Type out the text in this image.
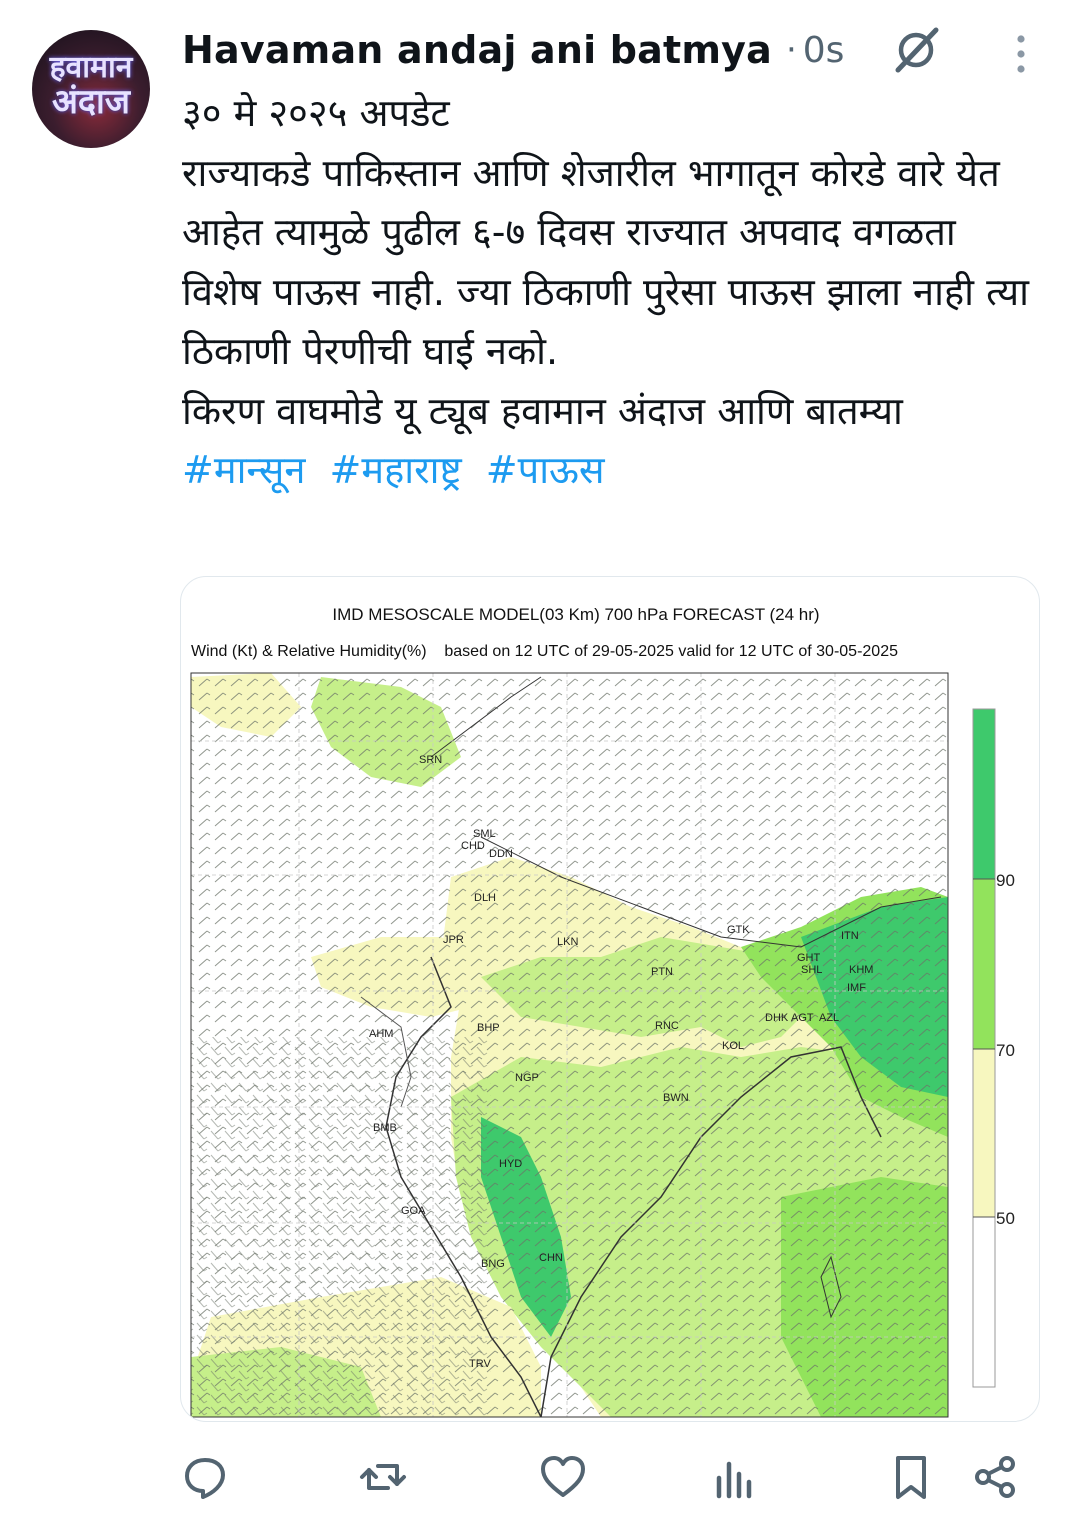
हवामान
अंदाज
Havaman andaj ani batmya · 0s

३० मे २०२५ अपडेट

राज्याकडे पाकिस्तान आणि शेजारील भागातून कोरडे वारे येत आहेत त्यामुळे पुढील ६-७ दिवस राज्यात अपवाद वगळता विशेष पाऊस नाही. ज्या ठिकाणी पुरेसा पाऊस झाला नाही त्या ठिकाणी पेरणीची घाई नको.

किरण वाघमोडे यू ट्यूब हवामान अंदाज आणि बातम्या

#मान्सून #महाराष्ट्र #पाऊस

SRN
SML
CHD
DDN
DLH
JPR	LKN
GTK	ITN
GHT
SHL KHM
IMF
PTN
AHM	BHP	RNC
DHK AGT AZL
KOL
NGP
BWN
BMB
HYD
GOA
BNG	CHN
TRV
90
70
50
IMD MESOSCALE MODEL(03 Km) 700 hPa FORECAST (24 hr)
Wind (Kt) & Relative Humidity(%)    based on 12 UTC of 29-05-2025 valid for 12 UTC of 30-05-2025
